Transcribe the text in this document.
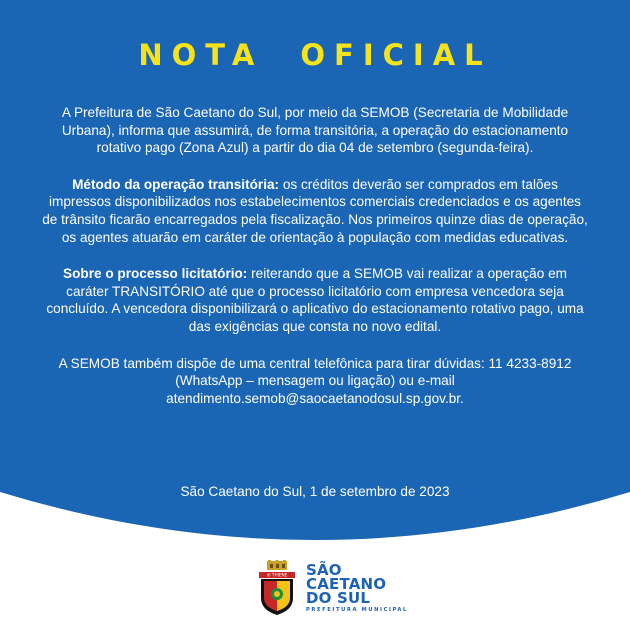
NOTA OFICIAL

A Prefeitura de São Caetano do Sul, por meio da SEMOB (Secretaria de Mobilidade Urbana), informa que assumirá, de forma transitória, a operação do estacionamento rotativo pago (Zona Azul) a partir do dia 04 de setembro (segunda-feira).

Método da operação transitória: os créditos deverão ser comprados em talões impressos disponibilizados nos estabelecimentos comerciais credenciados e os agentes de trânsito ficarão encarregados pela fiscalização. Nos primeiros quinze dias de operação, os agentes atuarão em caráter de orientação à população com medidas educativas.

Sobre o processo licitatório: reiterando que a SEMOB vai realizar a operação em caráter TRANSITÓRIO até que o processo licitatório com empresa vencedora seja concluído. A vencedora disponibilizará o aplicativo do estacionamento rotativo pago, uma das exigências que consta no novo edital.

A SEMOB também dispõe de uma central telefônica para tirar dúvidas: 11 4233-8912 (WhatsApp – mensagem ou ligação) ou e-mail atendimento.semob@saocaetanodosul.sp.gov.br.

São Caetano do Sul, 1 de setembro de 2023
di THIENE SÃO
CAETANO
DO SUL
PREFEITURA MUNICIPAL
